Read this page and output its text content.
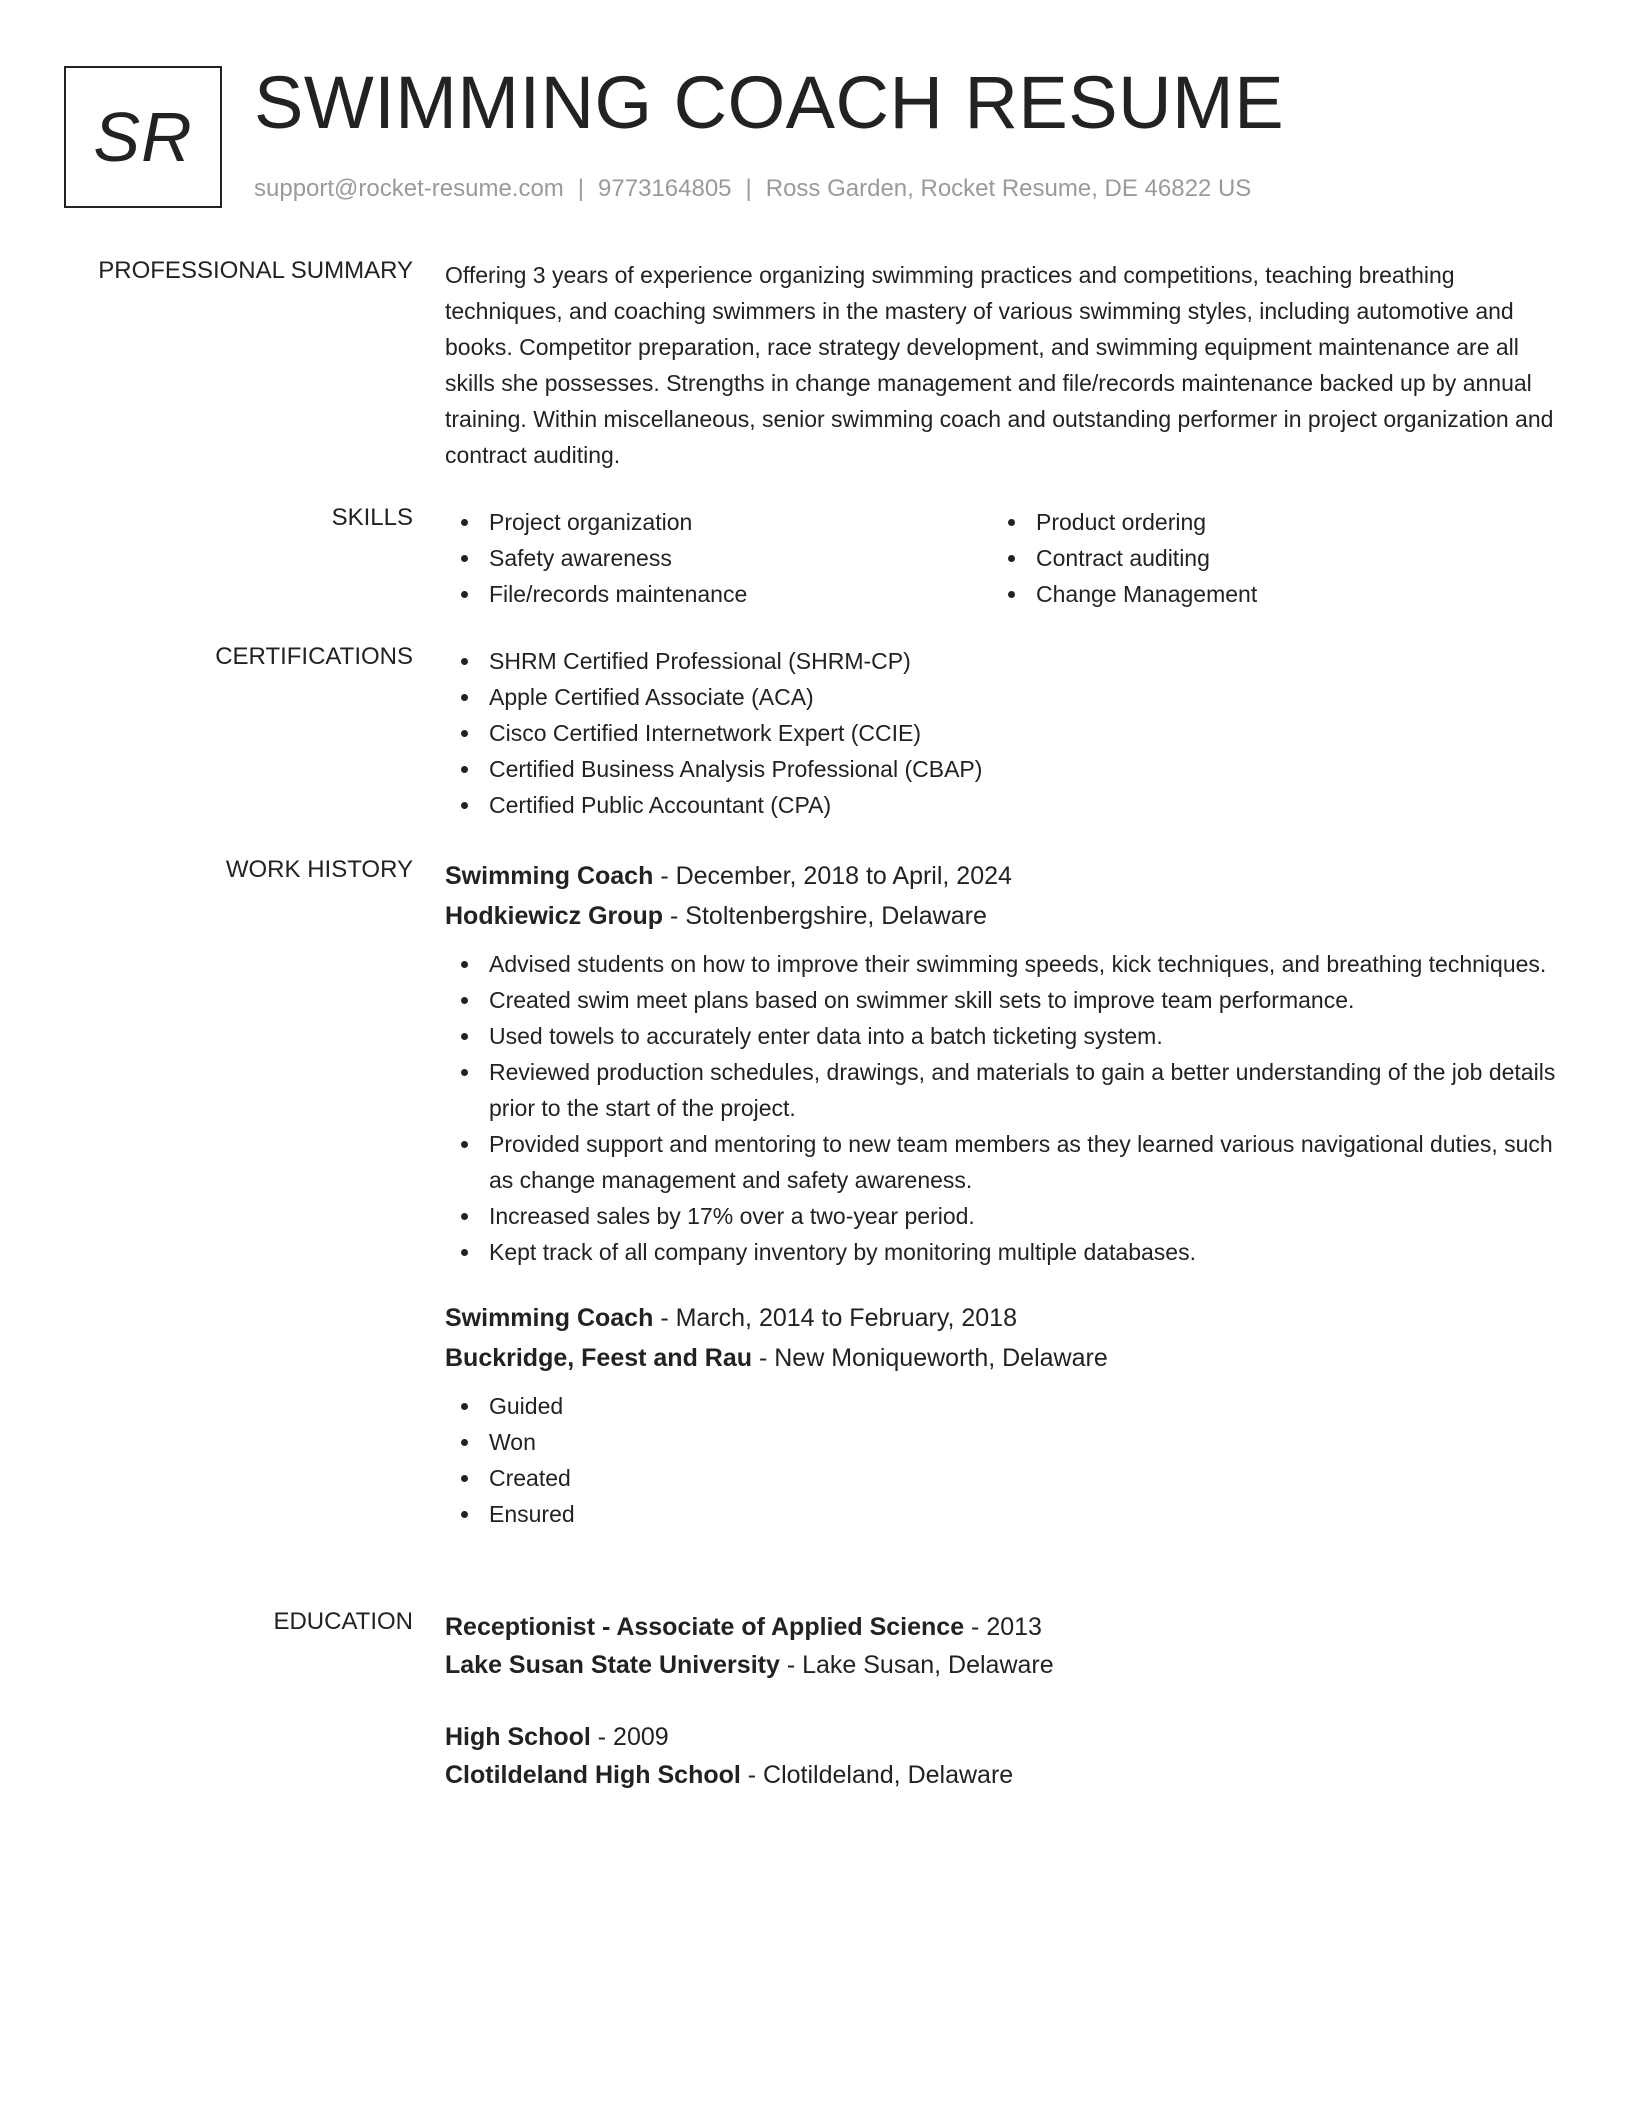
SR SWIMMING COACH RESUME
support@rocket-resume.com | 9773164805 | Ross Garden, Rocket Resume, DE 46822 US
PROFESSIONAL SUMMARY Offering 3 years of experience organizing swimming practices and competitions, teaching breathing techniques, and coaching swimmers in the mastery of various swimming styles, including automotive and books. Competitor preparation, race strategy development, and swimming equipment maintenance are all skills she possesses. Strengths in change management and file/records maintenance backed up by annual training. Within miscellaneous, senior swimming coach and outstanding performer in project organization and contract auditing.

SKILLS	Project organization
Safety awareness
File/records maintenance
Product ordering
Contract auditing
Change Management
CERTIFICATIONS	SHRM Certified Professional (SHRM-CP)
Apple Certified Associate (ACA)
Cisco Certified Internetwork Expert (CCIE)
Certified Business Analysis Professional (CBAP)
Certified Public Accountant (CPA)
WORK HISTORY Swimming Coach - December, 2018 to April, 2024
Hodkiewicz Group - Stoltenbergshire, Delaware
Advised students on how to improve their swimming speeds, kick techniques, and breathing techniques.
Created swim meet plans based on swimmer skill sets to improve team performance.
Used towels to accurately enter data into a batch ticketing system.
Reviewed production schedules, drawings, and materials to gain a better understanding of the job details prior to the start of the project.
Provided support and mentoring to new team members as they learned various navigational duties, such as change management and safety awareness.
Increased sales by 17% over a two-year period.
Kept track of all company inventory by monitoring multiple databases.
Swimming Coach - March, 2014 to February, 2018
Buckridge, Feest and Rau - New Moniqueworth, Delaware
Guided
Won
Created
Ensured
EDUCATION Receptionist - Associate of Applied Science - 2013
Lake Susan State University - Lake Susan, Delaware
High School - 2009
Clotildeland High School - Clotildeland, Delaware
